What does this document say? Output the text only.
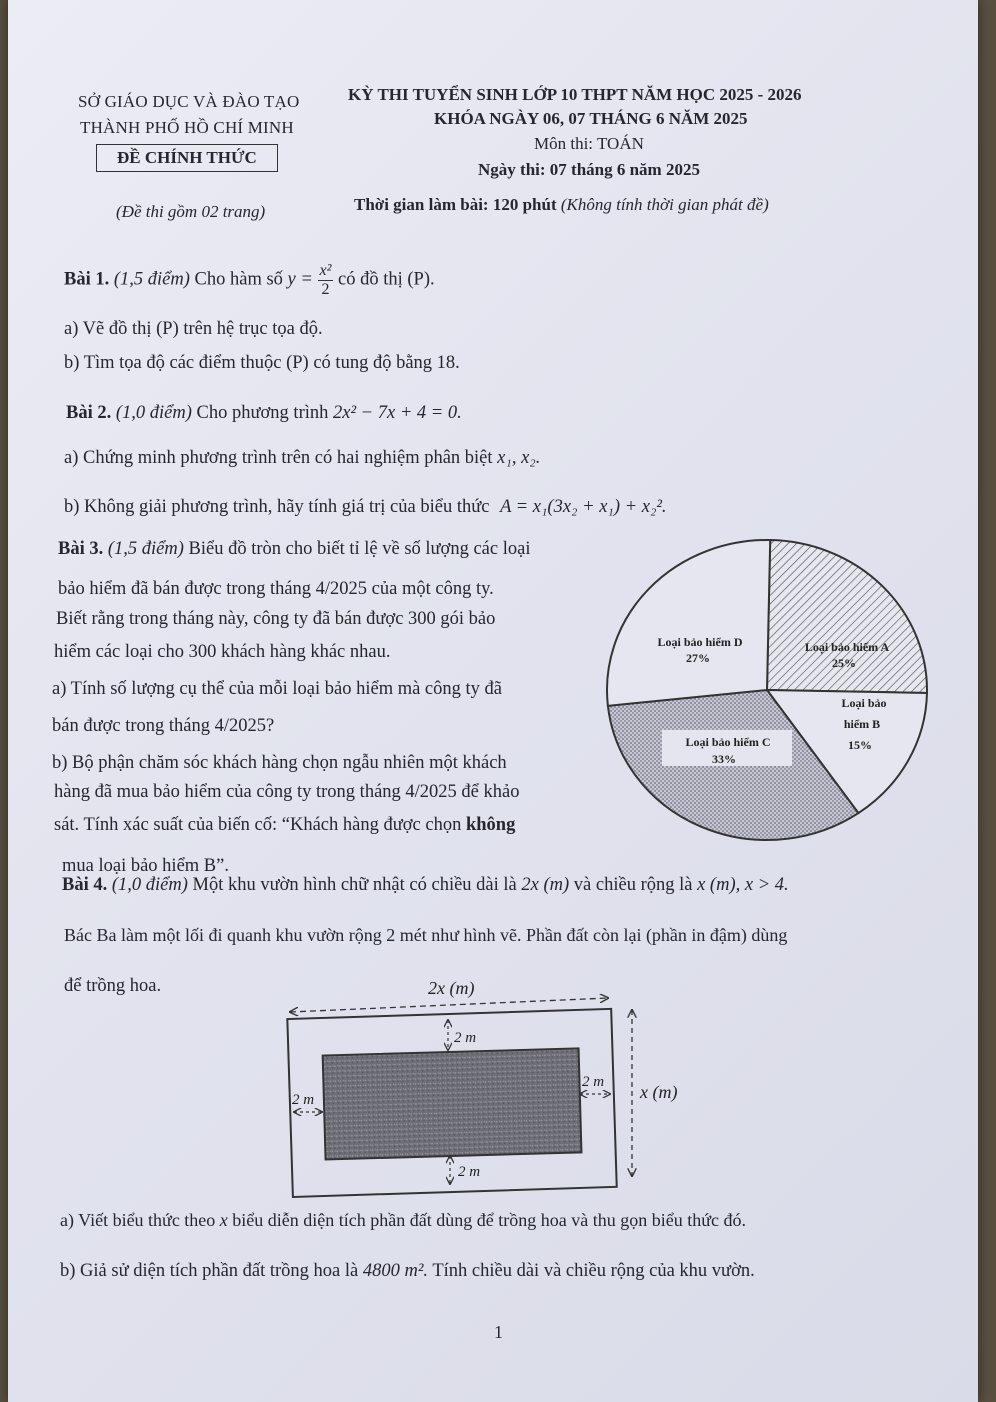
SỞ GIÁO DỤC VÀ ĐÀO TẠO
THÀNH PHỐ HỒ CHÍ MINH
ĐỀ CHÍNH THỨC
(Đề thi gồm 02 trang)
KỲ THI TUYỂN SINH LỚP 10 THPT NĂM HỌC 2025 - 2026
KHÓA NGÀY 06, 07 THÁNG 6 NĂM 2025
Môn thi: TOÁN
Ngày thi: 07 tháng 6 năm 2025
Thời gian làm bài: 120 phút (Không tính thời gian phát đề)
Bài 1. (1,5 điểm) Cho hàm số $y = \frac{\text{x²}}{2}$ có đồ thị (P).
a) Vẽ đồ thị (P) trên hệ trục tọa độ.
b) Tìm tọa độ các điểm thuộc (P) có tung độ bằng 18.
Bài 2. (1,0 điểm) Cho phương trình 2x² − 7x + 4 = 0.
a) Chứng minh phương trình trên có hai nghiệm phân biệt x₁, x₂.
b) Không giải phương trình, hãy tính giá trị của biểu thức A = x₁(3x₂ + x₁) + x₂².
Bài 3. (1,5 điểm) Biểu đồ tròn cho biết tỉ lệ về số lượng các loại
bảo hiểm đã bán được trong tháng 4/2025 của một công ty.
Biết rằng trong tháng này, công ty đã bán được 300 gói bảo
hiểm các loại cho 300 khách hàng khác nhau.
a) Tính số lượng cụ thể của mỗi loại bảo hiểm mà công ty đã
bán được trong tháng 4/2025?
b) Bộ phận chăm sóc khách hàng chọn ngẫu nhiên một khách
hàng đã mua bảo hiểm của công ty trong tháng 4/2025 để khảo
sát. Tính xác suất của biến cố: “Khách hàng được chọn không
mua loại bảo hiểm B”.
Loại bảo hiểm A
25%
Loại bảo
hiểm B
15%
Loại bảo hiểm C
33%
Loại bảo hiểm D
27%
Bài 4. (1,0 điểm) Một khu vườn hình chữ nhật có chiều dài là 2x (m) và chiều rộng là x (m), x > 4.
Bác Ba làm một lối đi quanh khu vườn rộng 2 mét như hình vẽ. Phần đất còn lại (phần in đậm) dùng
để trồng hoa.	2x (m)
x (m)
2 m
2 m
2 m
2 m
a) Viết biểu thức theo x biểu diễn diện tích phần đất dùng để trồng hoa và thu gọn biểu thức đó.
b) Giả sử diện tích phần đất trồng hoa là 4800 m². Tính chiều dài và chiều rộng của khu vườn.
1
